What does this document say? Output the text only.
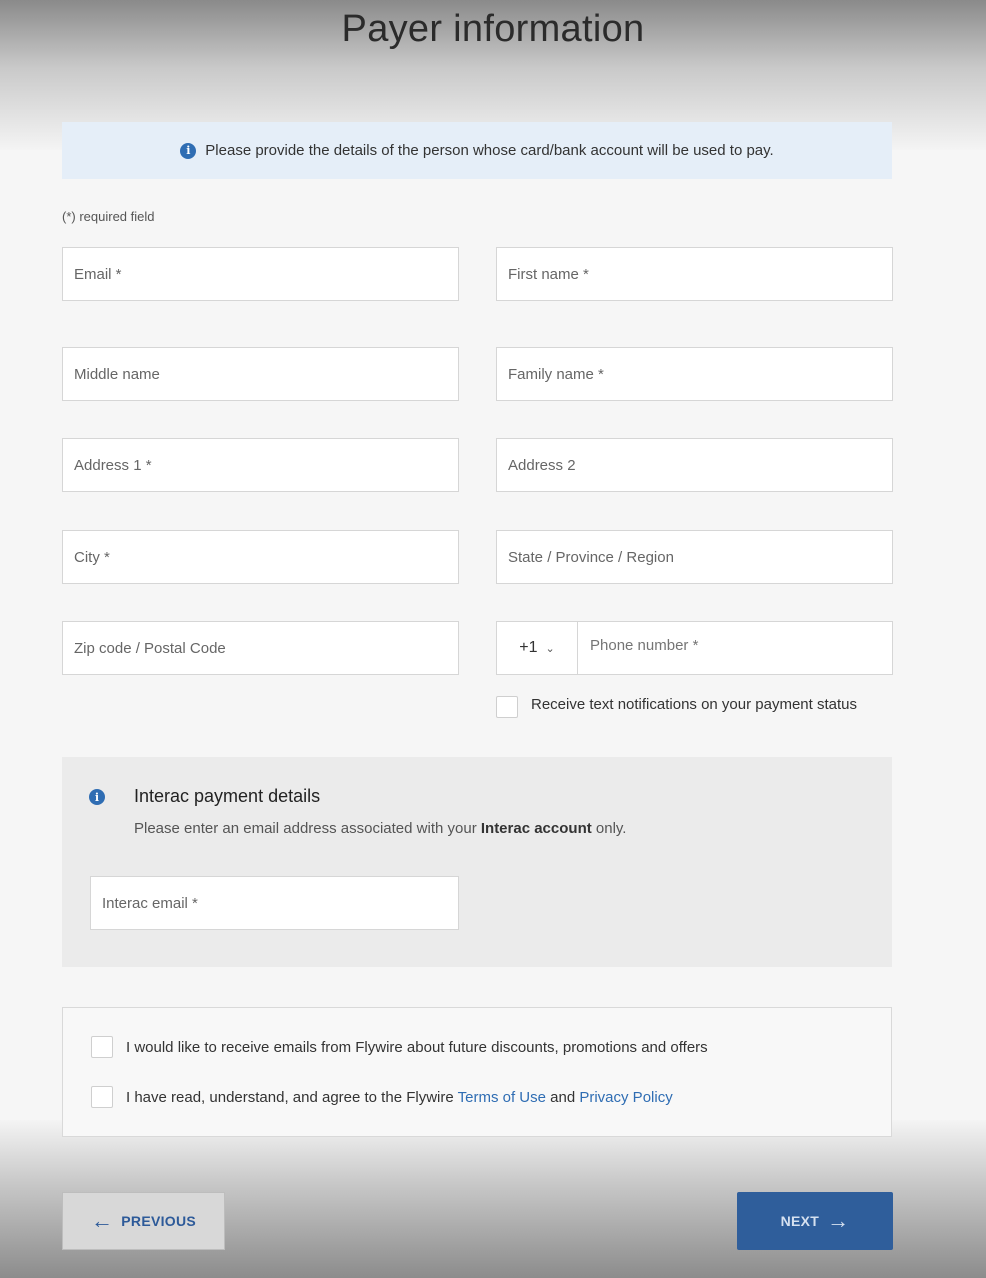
Payer information
i Please provide the details of the person whose card/bank account will be used to pay.
(*) required field
Email *
First name *
Middle name
Family name *
Address 1 *
Address 2
City *
State / Province / Region
Zip code / Postal Code
+1 ⌄
Phone number *
Receive text notifications on your payment status
i	Interac payment details
Please enter an email address associated with your Interac account only.
Interac email *
I would like to receive emails from Flywire about future discounts, promotions and offers
I have read, understand, and agree to the Flywire Terms of Use and Privacy Policy
← PREVIOUS	NEXT →
